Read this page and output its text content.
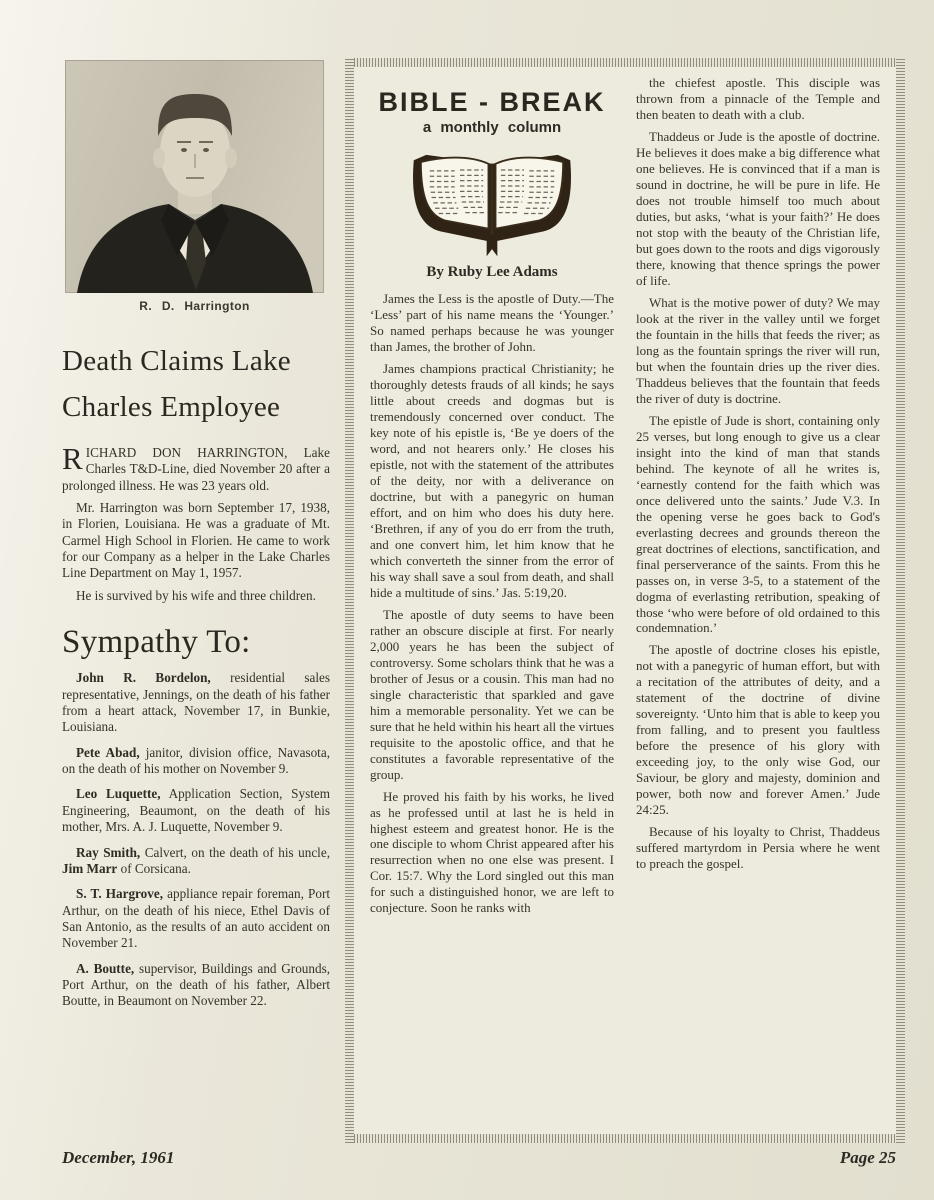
R. D. Harrington
Death Claims Lake Charles Employee

RICHARD DON HARRINGTON, Lake Charles T&D-Line, died November 20 after a prolonged illness. He was 23 years old.

Mr. Harrington was born September 17, 1938, in Florien, Louisiana. He was a graduate of Mt. Carmel High School in Florien. He came to work for our Company as a helper in the Lake Charles Line Department on May 1, 1957.

He is survived by his wife and three children.

Sympathy To:

John R. Bordelon, residential sales representative, Jennings, on the death of his father from a heart attack, November 17, in Bunkie, Louisiana.

Pete Abad, janitor, division office, Navasota, on the death of his mother on November 9.

Leo Luquette, Application Section, System Engineering, Beaumont, on the death of his mother, Mrs. A. J. Luquette, November 9.

Ray Smith, Calvert, on the death of his uncle, Jim Marr of Corsicana.

S. T. Hargrove, appliance repair foreman, Port Arthur, on the death of his niece, Ethel Davis of San Antonio, as the results of an auto accident on November 21.

A. Boutte, supervisor, Buildings and Grounds, Port Arthur, on the death of his father, Albert Boutte, in Beaumont on November 22.

BIBLE - BREAK
a monthly column
By Ruby Lee Adams

James the Less is the apostle of Duty.—The ‘Less’ part of his name means the ‘Younger.’ So named perhaps because he was younger than James, the brother of John.

James champions practical Christianity; he thoroughly detests frauds of all kinds; he says little about creeds and dogmas but is tremendously concerned over conduct. The key note of his epistle is, ‘Be ye doers of the word, and not hearers only.’ He closes his epistle, not with the statement of the attributes of the deity, nor with a deliverance on doctrine, but with a panegyric on human effort, and on him who does his duty here. ‘Brethren, if any of you do err from the truth, and one convert him, let him know that he which converteth the sinner from the error of his way shall save a soul from death, and shall hide a multitude of sins.’ Jas. 5:19,20.

The apostle of duty seems to have been rather an obscure disciple at first. For nearly 2,000 years he has been the subject of controversy. Some scholars think that he was a brother of Jesus or a cousin. This man had no single characteristic that sparkled and gave him a memorable personality. Yet we can be sure that he held within his heart all the virtues requisite to the apostolic office, and that he constitutes a favorable representative of the group.

He proved his faith by his works, he lived as he professed until at last he is held in highest esteem and greatest honor. He is the one disciple to whom Christ appeared after his resurrection when no one else was present. I Cor. 15:7. Why the Lord singled out this man for such a distinguished honor, we are left to conjecture. Soon he ranks with

the chiefest apostle. This disciple was thrown from a pinnacle of the Temple and then beaten to death with a club.

Thaddeus or Jude is the apostle of doctrine. He believes it does make a big difference what one believes. He is convinced that if a man is sound in doctrine, he will be pure in life. He does not trouble himself too much about duties, but asks, ‘what is your faith?’ He does not stop with the beauty of the Christian life, but goes down to the roots and digs vigorously there, knowing that thence springs the power of life.

What is the motive power of duty? We may look at the river in the valley until we forget the fountain in the hills that feeds the river; as long as the fountain springs the river will run, but when the fountain dries up the river dies. Thaddeus believes that the fountain that feeds the river of duty is doctrine.

The epistle of Jude is short, containing only 25 verses, but long enough to give us a clear insight into the kind of man that stands behind. The keynote of all he writes is, ‘earnestly contend for the faith which was once delivered unto the saints.’ Jude V.3. In the opening verse he goes back to God's everlasting decrees and grounds thereon the great doctrines of elections, sanctification, and final perserverance of the saints. From this he passes on, in verse 3-5, to a statement of the dogma of everlasting retribution, speaking of those ‘who were before of old ordained to this condemnation.’

The apostle of doctrine closes his epistle, not with a panegyric of human effort, but with a recitation of the attributes of deity, and a statement of the doctrine of divine sovereignty. ‘Unto him that is able to keep you from falling, and to present you faultless before the presence of his glory with exceeding joy, to the only wise God, our Saviour, be glory and majesty, dominion and power, both now and forever Amen.’ Jude 24:25.

Because of his loyalty to Christ, Thaddeus suffered martyrdom in Persia where he went to preach the gospel.

December, 1961	Page 25
